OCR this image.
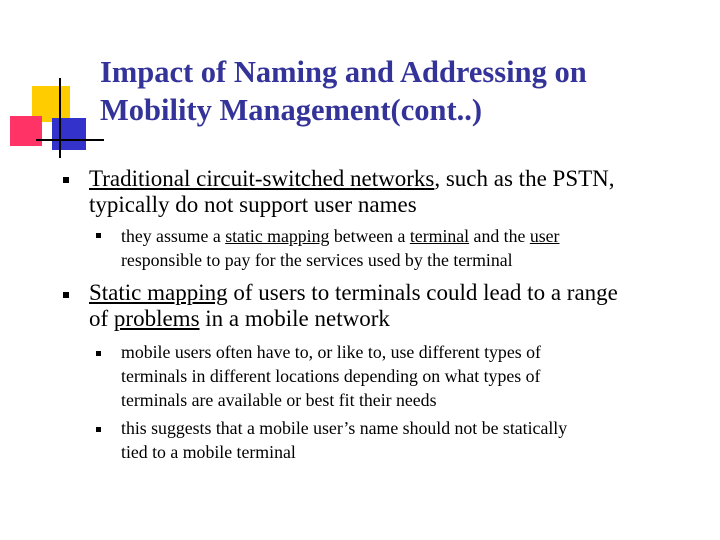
Impact of Naming and Addressing on
Mobility Management(cont..)

Traditional circuit-switched networks, such as the PSTN,
typically do not support user names

they assume a static mapping between a terminal and the user
responsible to pay for the services used by the terminal

Static mapping of users to terminals could lead to a range
of problems in a mobile network

mobile users often have to, or like to, use different types of
terminals in different locations depending on what types of
terminals are available or best fit their needs

this suggests that a mobile user’s name should not be statically
tied to a mobile terminal
